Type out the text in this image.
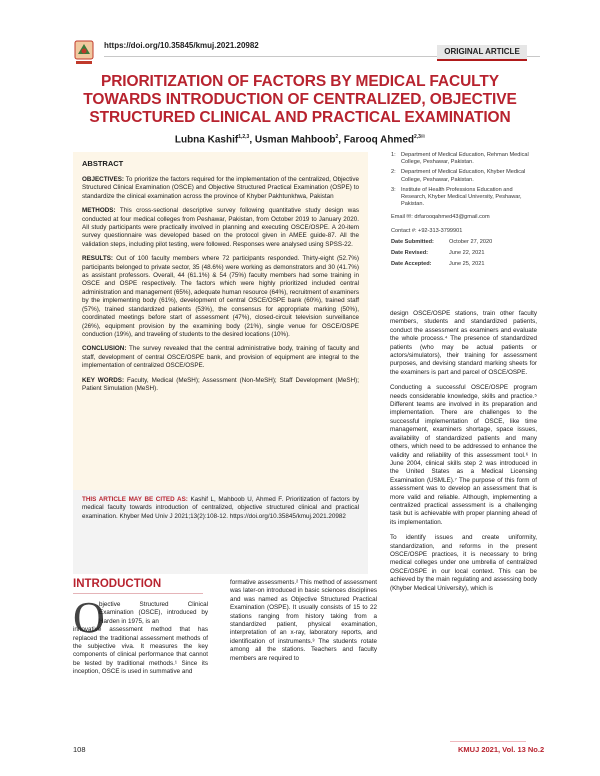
https://doi.org/10.35845/kmuj.2021.20982
ORIGINAL ARTICLE
PRIORITIZATION OF FACTORS BY MEDICAL FACULTY TOWARDS INTRODUCTION OF CENTRALIZED, OBJECTIVE STRUCTURED CLINICAL AND PRACTICAL EXAMINATION
Lubna Kashif$^{1,2,3}$, Usman Mahboob$^2$, Farooq Ahmed$^{2,3✉}$
ABSTRACT

OBJECTIVES: To prioritize the factors required for the implementation of the centralized, Objective Structured Clinical Examination (OSCE) and Objective Structured Practical Examination (OSPE) to standardize the clinical examination across the province of Khyber Pakhtunkhwa, Pakistan

METHODS: This cross-sectional descriptive survey following quantitative study design was conducted at four medical colleges from Peshawar, Pakistan, from October 2019 to January 2020. All study participants were practically involved in planning and executing OSCE/OSPE. A 20-item survey questionnaire was developed based on the protocol given in AMEE guide-87. All the validation steps, including pilot testing, were followed. Responses were analysed using SPSS-22.

RESULTS: Out of 100 faculty members where 72 participants responded. Thirty-eight (52.7%) participants belonged to private sector, 35 (48.6%) were working as demonstrators and 30 (41.7%) as assistant professors. Overall, 44 (61.1%) & 54 (75%) faculty members had some training in OSCE and OSPE respectively. The factors which were highly prioritized included central administration and management (65%), adequate human resource (64%), recruitment of examiners by the implementing body (61%), development of central OSCE/OSPE bank (60%), trained staff (57%), trained standardized patients (53%), the consensus for appropriate marking (50%), coordinated meetings before start of assessment (47%), closed-circuit television surveillance (26%), equipment provision by the examining body (21%), single venue for OSCE/OSPE conduction (19%), and traveling of students to the desired locations (10%).

CONCLUSION: The survey revealed that the central administrative body, training of faculty and staff, development of central OSCE/OSPE bank, and provision of equipment are integral to the implementation of centralized OSCE/OSPE.

KEY WORDS: Faculty, Medical (MeSH); Assessment (Non-MeSH); Staff Development (MeSH); Patient Simulation (MeSH).

THIS ARTICLE MAY BE CITED AS: Kashif L, Mahboob U, Ahmed F. Prioritization of factors by medical faculty towards introduction of centralized, objective structured clinical and practical examination. Khyber Med Univ J 2021;13(2):108-12. https://doi.org/10.35845/kmuj.2021.20982
1: Department of Medical Education, Rehman Medical College, Peshawar, Pakistan.
2: Department of Medical Education, Khyber Medical College, Peshawar, Pakistan.
3: Institute of Health Professions Education and Research, Khyber Medical University, Peshawar, Pakistan.
Email ✉: drfarooqahmed43@gmail.com
Contact #: +92-313-3799901
Date Submitted:	October 27, 2020
Date Revised:	June 22, 2021
Date Accepted:	June 25, 2021

design OSCE/OSPE stations, train other faculty members, students and standardized patients, conduct the assessment as examiners and evaluate the whole process.⁴ The presence of standardized patients (who may be actual patients or actors/simulators), their training for assessment purposes, and devising standard marking sheets for the examiners is part and parcel of OSCE/OSPE.

Conducting a successful OSCE/OSPE program needs considerable knowledge, skills and practice.⁵ Different teams are involved in its preparation and implementation. There are challenges to the successful implementation of OSCE, like time management, examiners shortage, space issues, availability of standardized patients and many others, which need to be addressed to enhance the validity and reliability of this assessment tool.⁶ In June 2004, clinical skills step 2 was introduced in the United States as a Medical Licensing Examination (USMLE).⁷ The purpose of this form of assessment was to develop an assessment that is more valid and reliable. Although, implementing a centralized practical assessment is a challenging task but is achievable with proper planning ahead of its implementation.

To identify issues and create uniformity, standardization, and reforms in the present OSCE/OSPE practices, it is necessary to bring medical colleges under one umbrella of centralized OSCE/OSPE in our local context. This can be achieved by the main regulating and assessing body (Khyber Medical University), which is

INTRODUCTION
O

bjective Structured Clinical Examination (OSCE), introduced by Harden in 1975, is an
innovative assessment method that has replaced the traditional assessment methods of the subjective viva. It measures the key components of clinical performance that cannot be tested by traditional methods.¹ Since its inception, OSCE is used in summative and

formative assessments.² This method of assessment was later-on introduced in basic sciences disciplines and was named as Objective Structured Practical Examination (OSPE). It usually consists of 15 to 22 stations ranging from history taking from a standardized patient, physical examination, interpretation of an x-ray, laboratory reports, and identification of instruments.³ The students rotate among all the stations. Teachers and faculty members are required to

108	KMUJ 2021, Vol. 13 No.2
